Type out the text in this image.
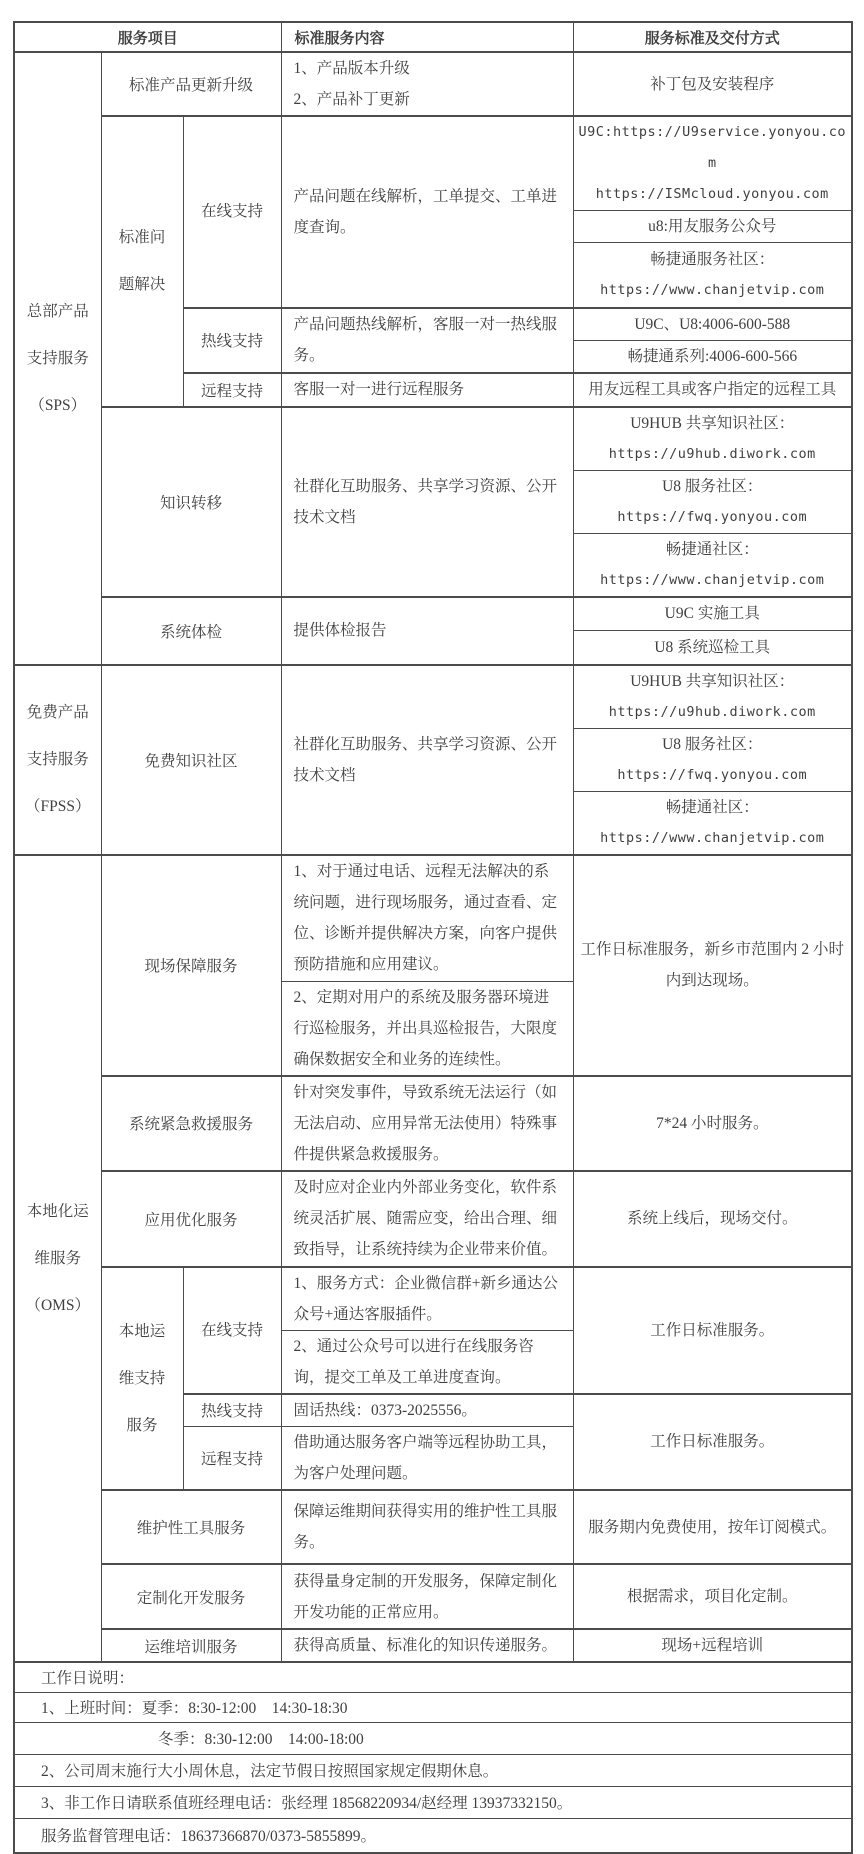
服务项目			标准服务内容	服务标准及交付方式
总部产品支持服务（SPS）	标准产品更新升级		1、产品版本升级
2、产品补丁更新	补丁包及安装程序
	标准问题解决	在线支持	产品问题在线解析，工单提交、工单进度查询。	U9C:https://U9service.yonyou.com
https://ISMcloud.yonyou.com

				u8:用友服务公众号

				畅捷通服务社区：
https://www.chanjetvip.com

		热线支持	产品问题热线解析，客服一对一热线服务。	U9C、U8:4006-600-588
				畅捷通系列:4006-600-566
		远程支持	客服一对一进行远程服务	用友远程工具或客户指定的远程工具
	知识转移		社群化互助服务、共享学习资源、公开技术文档	U9HUB 共享知识社区：
https://u9hub.diwork.com

				U8 服务社区：
https://fwq.yonyou.com

				畅捷通社区：
https://www.chanjetvip.com

	系统体检		提供体检报告	U9C 实施工具
				U8 系统巡检工具
免费产品支持服务（FPSS）	免费知识社区		社群化互助服务、共享学习资源、公开技术文档	U9HUB 共享知识社区：
https://u9hub.diwork.com

				U8 服务社区：
https://fwq.yonyou.com

				畅捷通社区：
https://www.chanjetvip.com

本地化运维服务（OMS）	现场保障服务		1、对于通过电话、远程无法解决的系统问题，进行现场服务，通过查看、定位、诊断并提供解决方案，向客户提供预防措施和应用建议。	工作日标准服务，新乡市范围内 2 小时内到达现场。
			2、定期对用户的系统及服务器环境进行巡检服务，并出具巡检报告，大限度确保数据安全和业务的连续性。	
	系统紧急救援服务		针对突发事件，导致系统无法运行（如无法启动、应用异常无法使用）特殊事件提供紧急救援服务。	7*24 小时服务。
	应用优化服务		及时应对企业内外部业务变化，软件系统灵活扩展、随需应变，给出合理、细致指导，让系统持续为企业带来价值。	系统上线后，现场交付。
	本地运维支持服务	在线支持	1、服务方式：企业微信群+新乡通达公众号+通达客服插件。	工作日标准服务。
			2、通过公众号可以进行在线服务咨询，提交工单及工单进度查询。	
		热线支持	固话热线：0373-2025556。	工作日标准服务。
		远程支持	借助通达服务客户端等远程协助工具，为客户处理问题。	
	维护性工具服务		保障运维期间获得实用的维护性工具服务。	服务期内免费使用，按年订阅模式。
	定制化开发服务		获得量身定制的开发服务，保障定制化开发功能的正常应用。	根据需求，项目化定制。
	运维培训服务		获得高质量、标准化的知识传递服务。	现场+远程培训
工作日说明：				
1、上班时间：夏季：8:30-12:00　14:30-18:30				
冬季：8:30-12:00　14:00-18:00				
2、公司周末施行大小周休息，法定节假日按照国家规定假期休息。				
3、非工作日请联系值班经理电话：张经理 18568220934/赵经理 13937332150。				
服务监督管理电话：18637366870/0373-5855899。				
